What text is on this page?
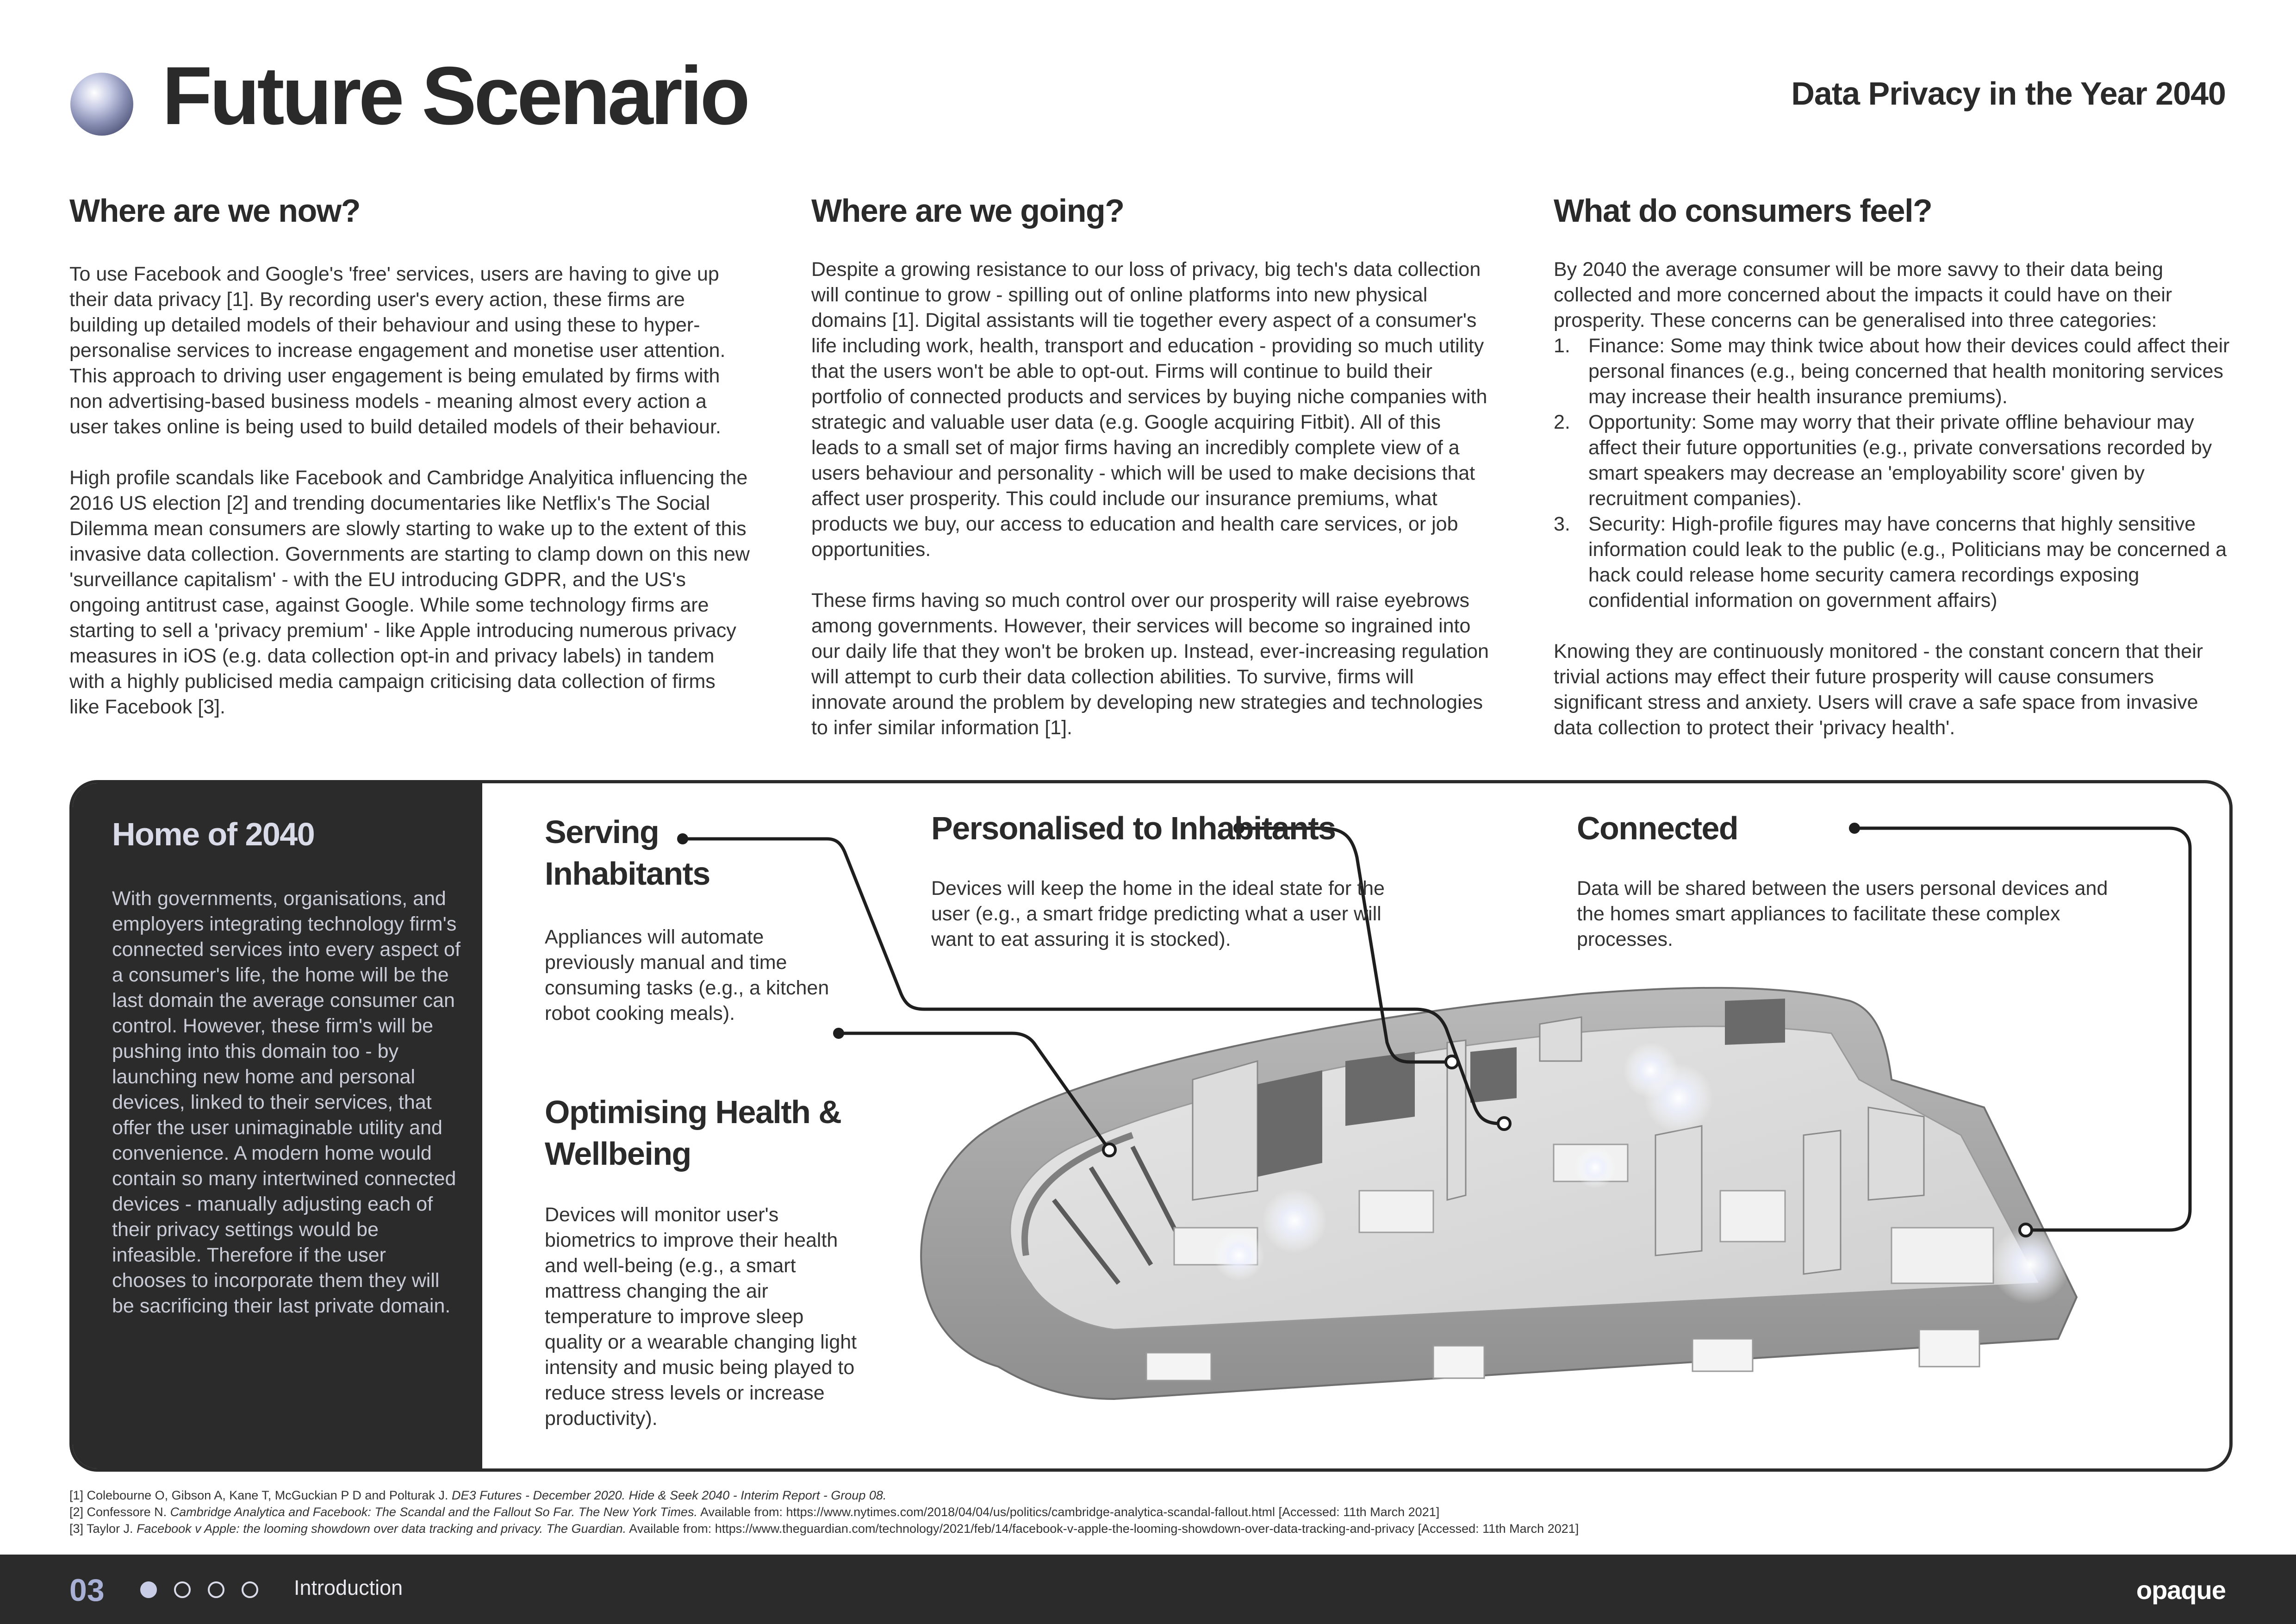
Future Scenario	Data Privacy in the Year 2040
Where are we now?

To use Facebook and Google's 'free' services, users are having to give up their data privacy [1]. By recording user's every action, these firms are building up detailed models of their behaviour and using these to hyper-personalise services to increase engagement and monetise user attention. This approach to driving user engagement is being emulated by firms with non advertising-based business models - meaning almost every action a user takes online is being used to build detailed models of their behaviour.

High profile scandals like Facebook and Cambridge Analyitica influencing the 2016 US election [2] and trending documentaries like Netflix's The Social Dilemma mean consumers are slowly starting to wake up to the extent of this invasive data collection. Governments are starting to clamp down on this new 'surveillance capitalism' - with the EU introducing GDPR, and the US's ongoing antitrust case, against Google. While some technology firms are starting to sell a 'privacy premium' - like Apple introducing numerous privacy measures in iOS (e.g. data collection opt-in and privacy labels) in tandem with a highly publicised media campaign criticising data collection of firms like Facebook [3].

Where are we going?

Despite a growing resistance to our loss of privacy, big tech's data collection will continue to grow - spilling out of online platforms into new physical domains [1]. Digital assistants will tie together every aspect of a consumer's life including work, health, transport and education - providing so much utility that the users won't be able to opt-out. Firms will continue to build their portfolio of connected products and services by buying niche companies with strategic and valuable user data (e.g. Google acquiring Fitbit). All of this leads to a small set of major firms having an incredibly complete view of a users behaviour and personality - which will be used to make decisions that affect user prosperity. This could include our insurance premiums, what products we buy, our access to education and health care services, or job opportunities.

These firms having so much control over our prosperity will raise eyebrows among governments. However, their services will become so ingrained into our daily life that they won't be broken up. Instead, ever-increasing regulation will attempt to curb their data collection abilities. To survive, firms will innovate around the problem by developing new strategies and technologies to infer similar information [1].

What do consumers feel?
By 2040 the average consumer will be more savvy to their data being collected and more concerned about the impacts it could have on their prosperity. These concerns can be generalised into three categories:
1. Finance: Some may think twice about how their devices could affect their personal finances (e.g., being concerned that health monitoring services may increase their health insurance premiums).
2. Opportunity: Some may worry that their private offline behaviour may affect their future opportunities (e.g., private conversations recorded by smart speakers may decrease an 'employability score' given by recruitment companies).
3. Security: High-profile figures may have concerns that highly sensitive information could leak to the public (e.g., Politicians may be concerned a hack could release home security camera recordings exposing confidential information on government affairs)
Knowing they are continuously monitored - the constant concern that their trivial actions may effect their future prosperity will cause consumers significant stress and anxiety. Users will crave a safe space from invasive data collection to protect their 'privacy health'.
Home of 2040
With governments, organisations, and employers integrating technology firm's connected services into every aspect of a consumer's life, the home will be the last domain the average consumer can control. However, these firm's will be pushing into this domain too - by launching new home and personal devices, linked to their services, that offer the user unimaginable utility and convenience. A modern home would contain so many intertwined connected devices - manually adjusting each of their privacy settings would be infeasible. Therefore if the user chooses to incorporate them they will be sacrificing their last private domain.
Serving Inhabitants
Appliances will automate previously manual and time consuming tasks (e.g., a kitchen robot cooking meals).
Optimising Health & Wellbeing
Devices will monitor user's biometrics to improve their health and well-being (e.g., a smart mattress changing the air temperature to improve sleep quality or a wearable changing light intensity and music being played to reduce stress levels or increase productivity).
Personalised to Inhabitants
Devices will keep the home in the ideal state for the user (e.g., a smart fridge predicting what a user will want to eat assuring it is stocked).
Connected
Data will be shared between the users personal devices and the homes smart appliances to facilitate these complex processes.
[1] Colebourne O, Gibson A, Kane T, McGuckian P D and Polturak J. DE3 Futures - December 2020. Hide & Seek 2040 - Interim Report - Group 08.
[2] Confessore N. Cambridge Analytica and Facebook: The Scandal and the Fallout So Far. The New York Times. Available from: https://www.nytimes.com/2018/04/04/us/politics/cambridge-analytica-scandal-fallout.html [Accessed: 11th March 2021]
[3] Taylor J. Facebook v Apple: the looming showdown over data tracking and privacy. The Guardian. Available from: https://www.theguardian.com/technology/2021/feb/14/facebook-v-apple-the-looming-showdown-over-data-tracking-and-privacy [Accessed: 11th March 2021]
03	Introduction	opaque
